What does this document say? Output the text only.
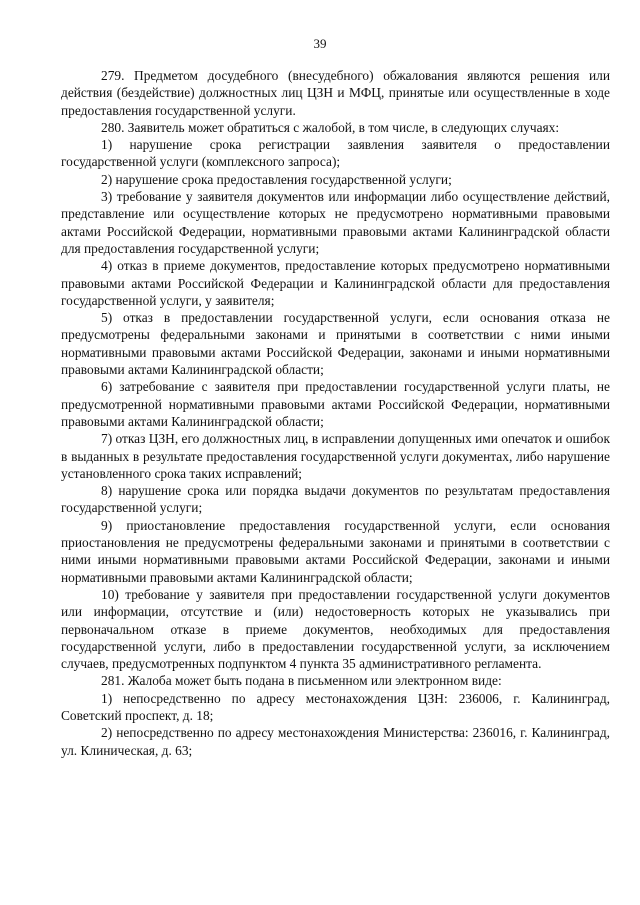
39

279. Предметом досудебного (внесудебного) обжалования являются решения или действия (бездействие) должностных лиц ЦЗН и МФЦ, принятые или осуществленные в ходе предоставления государственной услуги.

280. Заявитель может обратиться с жалобой, в том числе, в следующих случаях:

1) нарушение срока регистрации заявления заявителя о предоставлении государственной услуги (комплексного запроса);

2) нарушение срока предоставления государственной услуги;

3) требование у заявителя документов или информации либо осуществление действий, представление или осуществление которых не предусмотрено нормативными правовыми актами Российской Федерации, нормативными правовыми актами Калининградской области для предоставления государственной услуги;

4) отказ в приеме документов, предоставление которых предусмотрено нормативными правовыми актами Российской Федерации и Калининградской области для предоставления государственной услуги, у заявителя;

5) отказ в предоставлении государственной услуги, если основания отказа не предусмотрены федеральными законами и принятыми в соответствии с ними иными нормативными правовыми актами Российской Федерации, законами и иными нормативными правовыми актами Калининградской области;

6) затребование с заявителя при предоставлении государственной услуги платы, не предусмотренной нормативными правовыми актами Российской Федерации, нормативными правовыми актами Калининградской области;

7) отказ ЦЗН, его должностных лиц, в исправлении допущенных ими опечаток и ошибок в выданных в результате предоставления государственной услуги документах, либо нарушение установленного срока таких исправлений;

8) нарушение срока или порядка выдачи документов по результатам предоставления государственной услуги;

9) приостановление предоставления государственной услуги, если основания приостановления не предусмотрены федеральными законами и принятыми в соответствии с ними иными нормативными правовыми актами Российской Федерации, законами и иными нормативными правовыми актами Калининградской области;

10) требование у заявителя при предоставлении государственной услуги документов или информации, отсутствие и (или) недостоверность которых не указывались при первоначальном отказе в приеме документов, необходимых для предоставления государственной услуги, либо в предоставлении государственной услуги, за исключением случаев, предусмотренных подпунктом 4 пункта 35 административного регламента.

281. Жалоба может быть подана в письменном или электронном виде:

1) непосредственно по адресу местонахождения ЦЗН: 236006, г. Калининград, Советский проспект, д. 18;

2) непосредственно по адресу местонахождения Министерства: 236016, г. Калининград, ул. Клиническая, д. 63;
